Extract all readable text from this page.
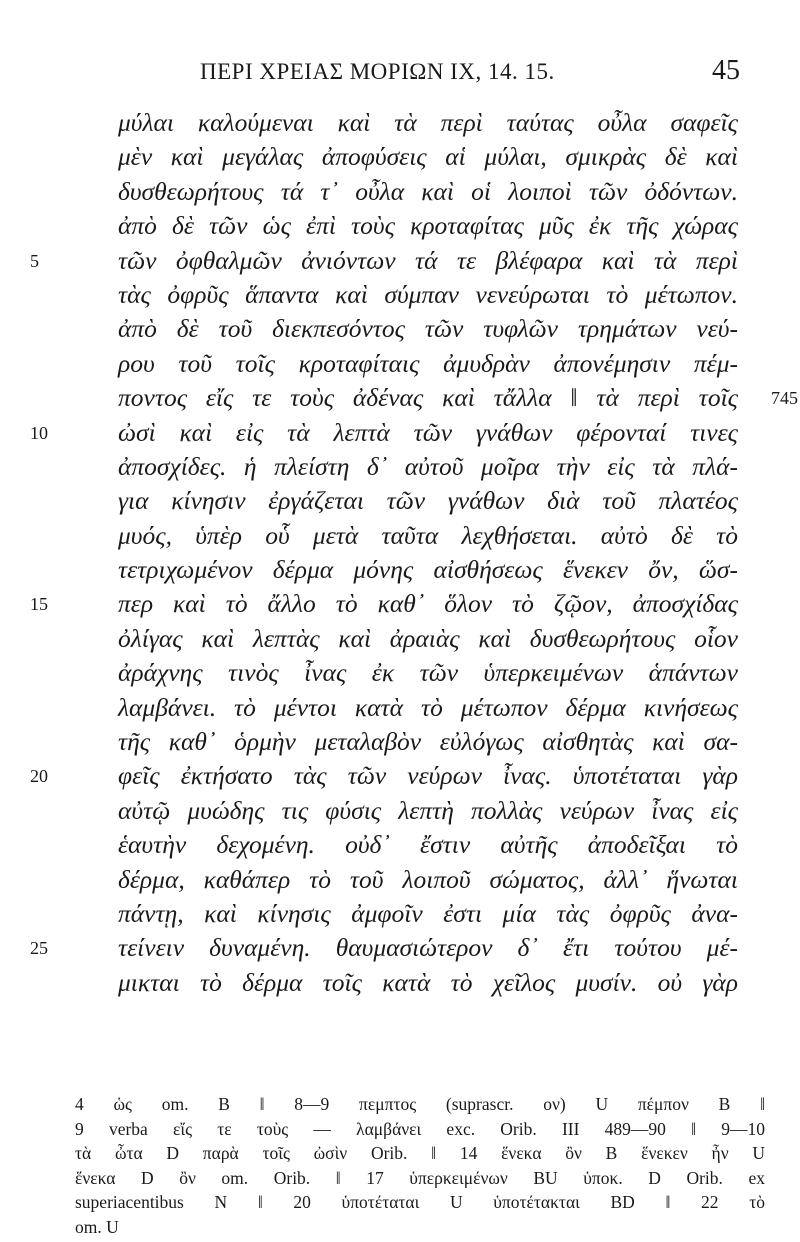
ΠΕΡΙ ΧΡΕΙΑΣ ΜΟΡΙΩΝ IX, 14. 15.	45
μύλαι καλούμεναι καὶ τὰ περὶ ταύτας οὖλα σαφεῖς
μὲν καὶ μεγάλας ἀποφύσεις αἱ μύλαι, σμικρὰς δὲ καὶ
δυσθεωρήτους τά τ᾽ οὖλα καὶ οἱ λοιποὶ τῶν ὀδόντων.
ἀπὸ δὲ τῶν ὡς ἐπὶ τοὺς κροταφίτας μῦς ἐκ τῆς χώρας
5	τῶν ὀφθαλμῶν ἀνιόντων τά τε βλέφαρα καὶ τὰ περὶ
τὰς ὀφρῦς ἅπαντα καὶ σύμπαν νενεύρωται τὸ μέτωπον.
ἀπὸ δὲ τοῦ διεκπεσόντος τῶν τυφλῶν τρημάτων νεύ-
ρου τοῦ τοῖς κροταφίταις ἀμυδρὰν ἀπονέμησιν πέμ-
ποντος εἴς τε τοὺς ἀδένας καὶ τἄλλα ‖ τὰ περὶ τοῖς 745
10	ὠσὶ καὶ εἰς τὰ λεπτὰ τῶν γνάθων φέρονταί τινες
ἀποσχίδες. ἡ πλείστη δ᾽ αὐτοῦ μοῖρα τὴν εἰς τὰ πλά-
για κίνησιν ἐργάζεται τῶν γνάθων διὰ τοῦ πλατέος
μυός, ὑπὲρ οὗ μετὰ ταῦτα λεχθήσεται. αὐτὸ δὲ τὸ
τετριχωμένον δέρμα μόνης αἰσθήσεως ἕνεκεν ὄν, ὥσ-
15	περ καὶ τὸ ἄλλο τὸ καθ᾽ ὅλον τὸ ζῷον, ἀποσχίδας
ὀλίγας καὶ λεπτὰς καὶ ἀραιὰς καὶ δυσθεωρήτους οἷον
ἀράχνης τινὸς ἶνας ἐκ τῶν ὑπερκειμένων ἁπάντων
λαμβάνει. τὸ μέντοι κατὰ τὸ μέτωπον δέρμα κινήσεως
τῆς καθ᾽ ὁρμὴν μεταλαβὸν εὐλόγως αἰσθητὰς καὶ σα-
20	φεῖς ἐκτήσατο τὰς τῶν νεύρων ἶνας. ὑποτέταται γὰρ
αὐτῷ μυώδης τις φύσις λεπτὴ πολλὰς νεύρων ἶνας εἰς
ἑαυτὴν δεχομένη. οὐδ᾽ ἔστιν αὐτῆς ἀποδεῖξαι τὸ
δέρμα, καθάπερ τὸ τοῦ λοιποῦ σώματος, ἀλλ᾽ ἥνωται
πάντῃ, καὶ κίνησις ἀμφοῖν ἐστι μία τὰς ὀφρῦς ἀνα-
25	τείνειν δυναμένη. θαυμασιώτερον δ᾽ ἔτι τούτου μέ-
μικται τὸ δέρμα τοῖς κατὰ τὸ χεῖλος μυσίν. οὐ γὰρ
4 ὡς om. B ‖ 8—9 πεμπτος (suprascr. ον) U πέμπον B ‖
9 verba εἴς τε τοὺς — λαμβάνει exc. Orib. III 489—90 ‖ 9—10
τὰ ὦτα D παρὰ τοῖς ὠσὶν Orib. ‖ 14 ἕνεκα ὂν B ἕνεκεν ἦν U
ἕνεκα D ὂν om. Orib. ‖ 17 ὑπερκειμένων BU ὑποκ. D Orib. ex
superiacentibus N ‖ 20 ὑποτέταται U ὑποτέτακται BD ‖ 22 τὸ
om. U
